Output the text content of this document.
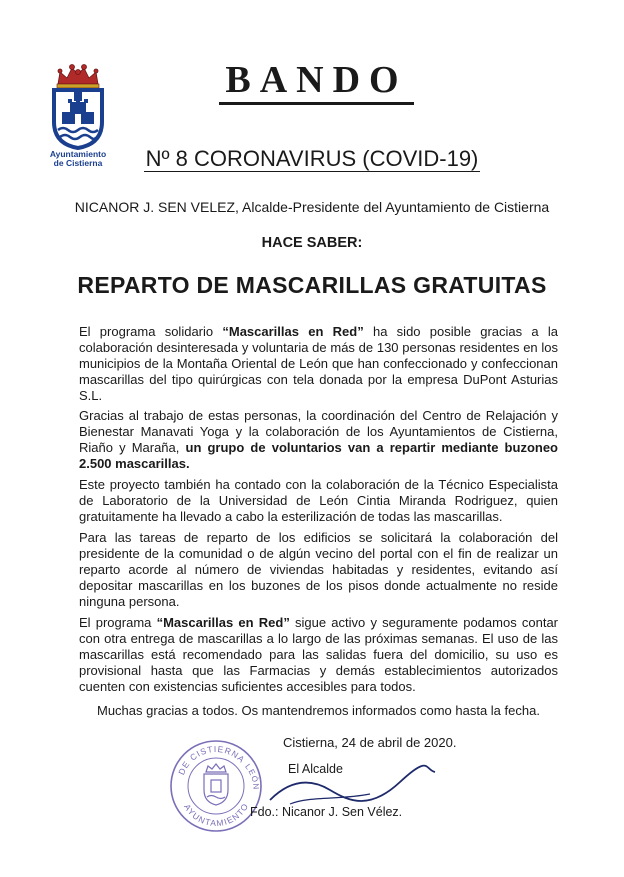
Ayuntamiento
de Cistierna
BANDO
Nº 8 CORONAVIRUS (COVID-19)
NICANOR J. SEN VELEZ, Alcalde-Presidente del Ayuntamiento de Cistierna
HACE SABER:
REPARTO DE MASCARILLAS GRATUITAS
El programa solidario “Mascarillas en Red” ha sido posible gracias a la colaboración desinteresada y voluntaria de más de 130 personas residentes en los municipios de la Montaña Oriental de León que han confeccionado y confeccionan mascarillas del tipo quirúrgicas con tela donada por la empresa DuPont Asturias S.L.
Gracias al trabajo de estas personas, la coordinación del Centro de Relajación y Bienestar Manavati Yoga y la colaboración de los Ayuntamientos de Cistierna, Riaño y Maraña, un grupo de voluntarios van a repartir mediante buzoneo 2.500 mascarillas.
Este proyecto también ha contado con la colaboración de la Técnico Especialista de Laboratorio de la Universidad de León Cintia Miranda Rodriguez, quien gratuitamente ha llevado a cabo la esterilización de todas las mascarillas.
Para las tareas de reparto de los edificios se solicitará la colaboración del presidente de la comunidad o de algún vecino del portal con el fin de realizar un reparto acorde al número de viviendas habitadas y residentes, evitando así depositar mascarillas en los buzones de los pisos donde actualmente no reside ninguna persona.
El programa “Mascarillas en Red” sigue activo y seguramente podamos contar con otra entrega de mascarillas a lo largo de las próximas semanas. El uso de las mascarillas está recomendado para las salidas fuera del domicilio, su uso es provisional hasta que las Farmacias y demás establecimientos autorizados cuenten con existencias suficientes accesibles para todos.
Muchas gracias a todos. Os mantendremos informados como hasta la fecha.
Cistierna, 24 de abril de 2020.
DE CISTIERNA
LEÓN
AYUNTAMIENTO
El Alcalde
Fdo.: Nicanor J. Sen Vélez.
